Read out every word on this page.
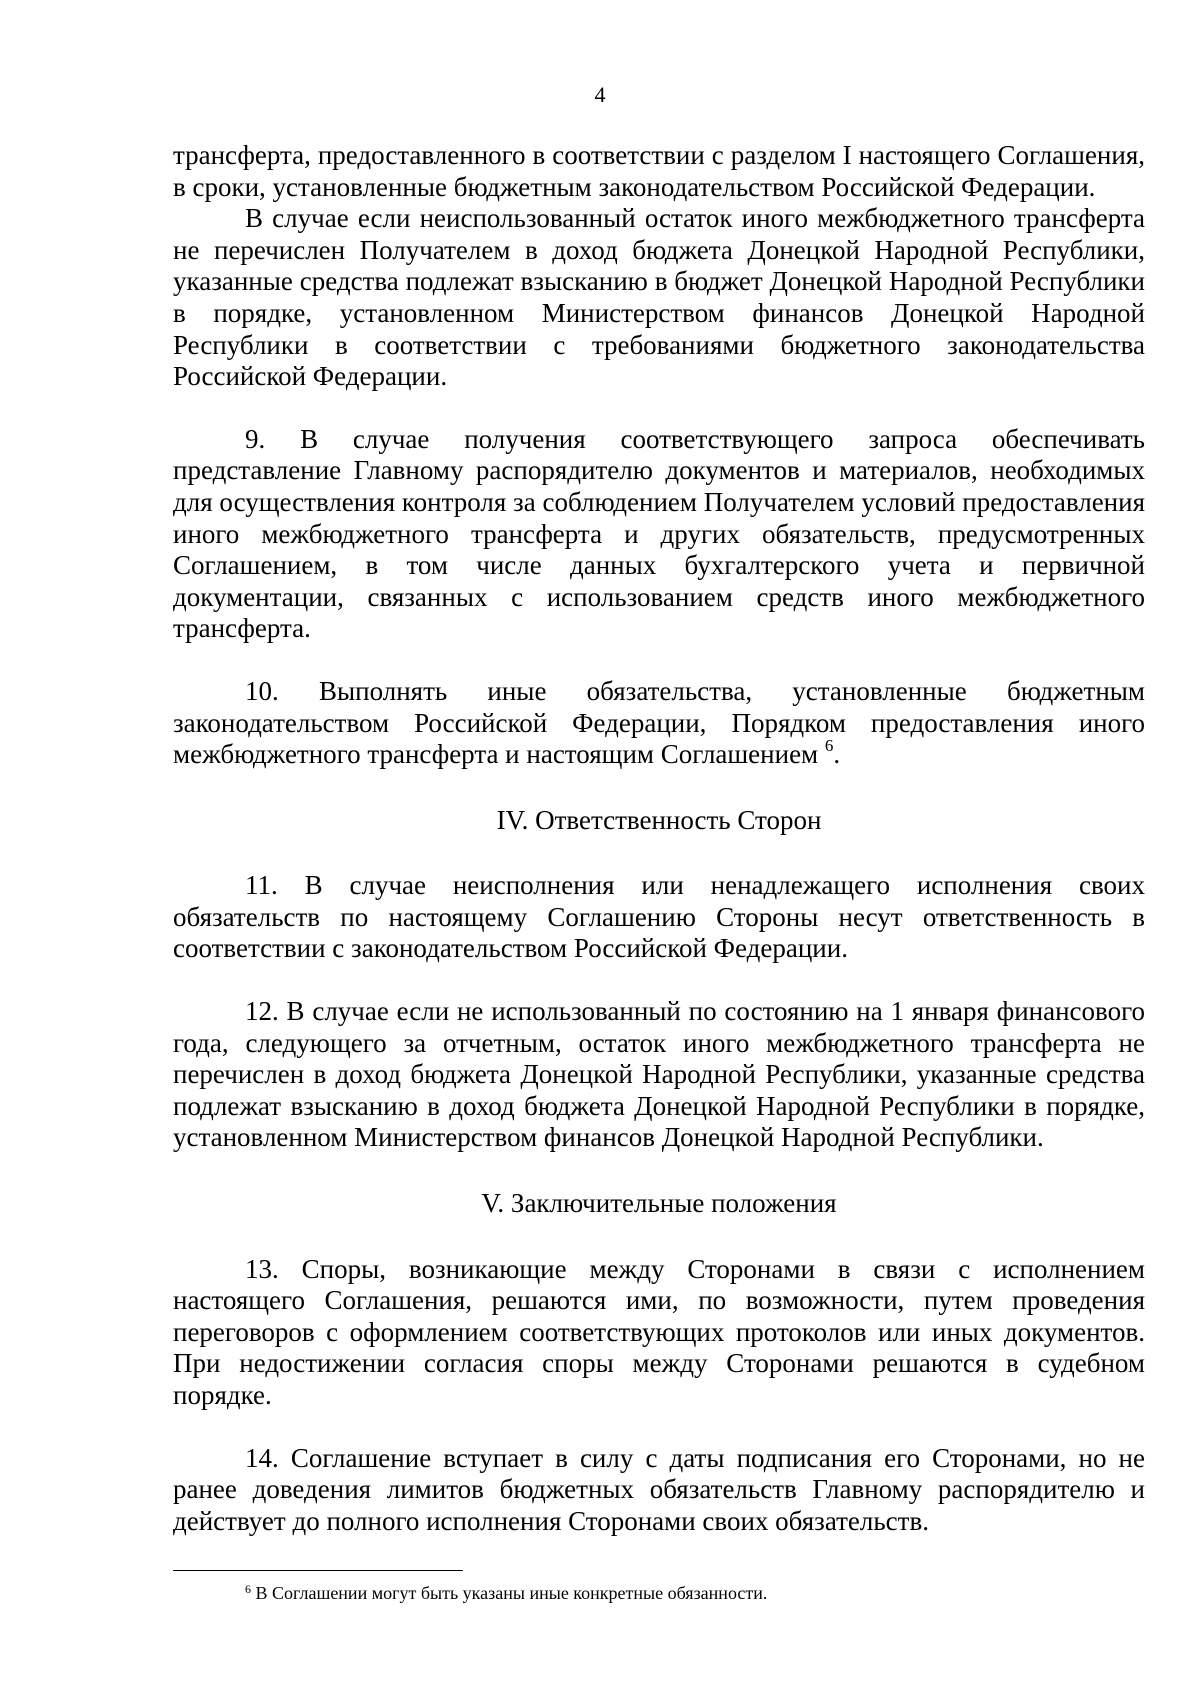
4

трансферта, предоставленного в соответствии с разделом I настоящего Соглашения, в сроки, установленные бюджетным законодательством Российской Федерации.

В случае если неиспользованный остаток иного межбюджетного трансферта не перечислен Получателем в доход бюджета Донецкой Народной Республики, указанные средства подлежат взысканию в бюджет Донецкой Народной Республики в порядке, установленном Министерством финансов Донецкой Народной Республики в соответствии с требованиями бюджетного законодательства Российской Федерации.

9. В случае получения соответствующего запроса обеспечивать представление Главному распорядителю документов и материалов, необходимых для осуществления контроля за соблюдением Получателем условий предоставления иного межбюджетного трансферта и других обязательств, предусмотренных Соглашением, в том числе данных бухгалтерского учета и первичной документации, связанных с использованием средств иного межбюджетного трансферта.

10. Выполнять иные обязательства, установленные бюджетным законодательством Российской Федерации, Порядком предоставления иного межбюджетного трансферта и настоящим Соглашением $^6$.

IV. Ответственность Сторон

11. В случае неисполнения или ненадлежащего исполнения своих обязательств по настоящему Соглашению Стороны несут ответственность в соответствии с законодательством Российской Федерации.

12. В случае если не использованный по состоянию на 1 января финансового года, следующего за отчетным, остаток иного межбюджетного трансферта не перечислен в доход бюджета Донецкой Народной Республики, указанные средства подлежат взысканию в доход бюджета Донецкой Народной Республики в порядке, установленном Министерством финансов Донецкой Народной Республики.

V. Заключительные положения

13. Споры, возникающие между Сторонами в связи с исполнением настоящего Соглашения, решаются ими, по возможности, путем проведения переговоров с оформлением соответствующих протоколов или иных документов. При недостижении согласия споры между Сторонами решаются в судебном порядке.

14. Соглашение вступает в силу с даты подписания его Сторонами, но не ранее доведения лимитов бюджетных обязательств Главному распорядителю и действует до полного исполнения Сторонами своих обязательств.

$^6$ В Соглашении могут быть указаны иные конкретные обязанности.
